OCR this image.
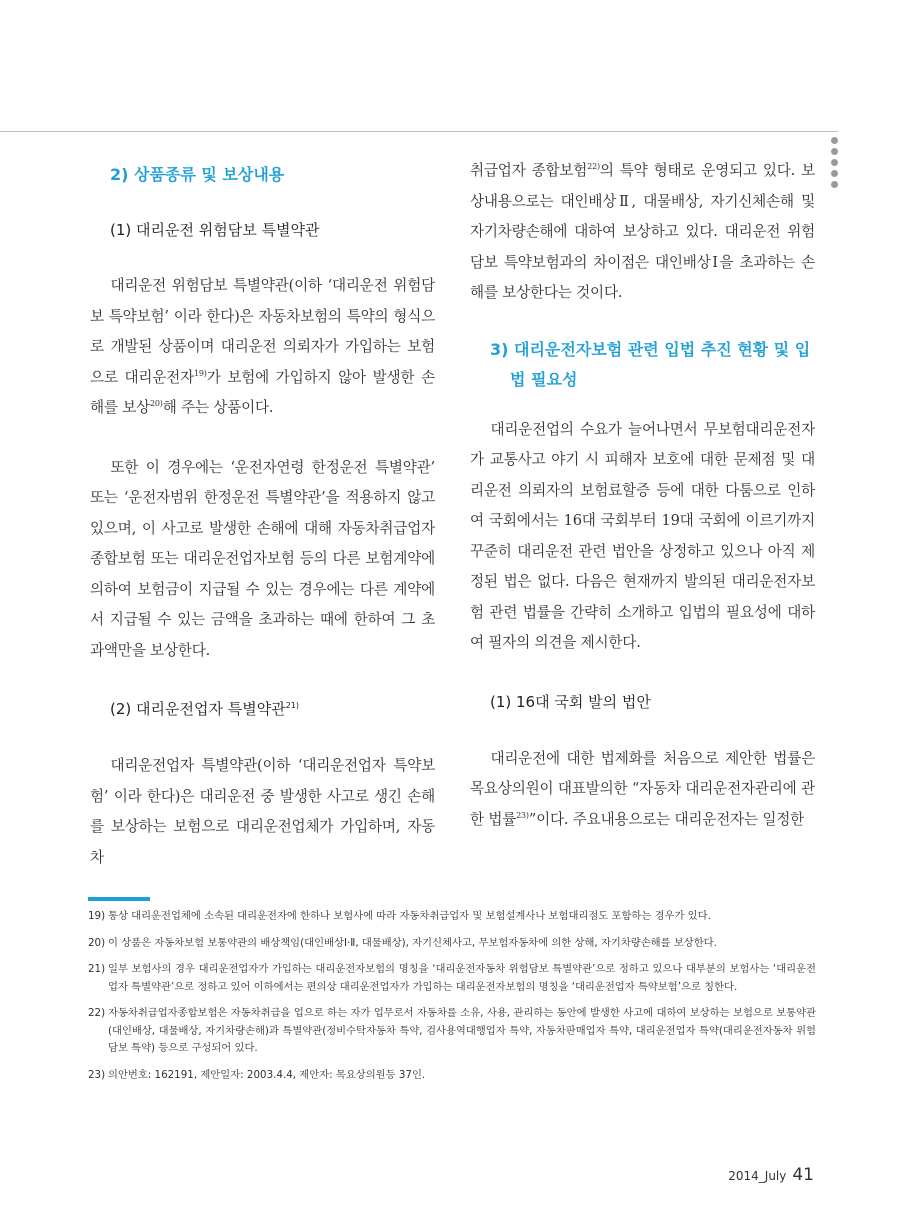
2) 상품종류 및 보상내용

(1) 대리운전 위험담보 특별약관

대리운전 위험담보 특별약관(이하 ‘대리운전 위험담보 특약보험’ 이라 한다)은 자동차보험의 특약의 형식으로 개발된 상품이며 대리운전 의뢰자가 가입하는 보험으로 대리운전자$^{19)}$가 보험에 가입하지 않아 발생한 손해를 보상$^{20)}$해 주는 상품이다.

또한 이 경우에는 ‘운전자연령 한정운전 특별약관’ 또는 ‘운전자범위 한정운전 특별약관’을 적용하지 않고 있으며, 이 사고로 발생한 손해에 대해 자동차취급업자 종합보험 또는 대리운전업자보험 등의 다른 보험계약에 의하여 보험금이 지급될 수 있는 경우에는 다른 계약에서 지급될 수 있는 금액을 초과하는 때에 한하여 그 초과액만을 보상한다.

(2) 대리운전업자 특별약관$^{21)}$

대리운전업자 특별약관(이하 ‘대리운전업자 특약보험’ 이라 한다)은 대리운전 중 발생한 사고로 생긴 손해를 보상하는 보험으로 대리운전업체가 가입하며, 자동차

취급업자 종합보험$^{22)}$의 특약 형태로 운영되고 있다. 보상내용으로는 대인배상Ⅱ, 대물배상, 자기신체손해 및 자기차량손해에 대하여 보상하고 있다. 대리운전 위험담보 특약보험과의 차이점은 대인배상Ⅰ을 초과하는 손해를 보상한다는 것이다.

3) 대리운전자보험 관련 입법 추진 현황 및 입법 필요성

대리운전업의 수요가 늘어나면서 무보험대리운전자가 교통사고 야기 시 피해자 보호에 대한 문제점 및 대리운전 의뢰자의 보험료할증 등에 대한 다툼으로 인하여 국회에서는 16대 국회부터 19대 국회에 이르기까지 꾸준히 대리운전 관련 법안을 상정하고 있으나 아직 제정된 법은 없다. 다음은 현재까지 발의된 대리운전자보험 관련 법률을 간략히 소개하고 입법의 필요성에 대하여 필자의 의견을 제시한다.

(1) 16대 국회 발의 법안

대리운전에 대한 법제화를 처음으로 제안한 법률은 목요상의원이 대표발의한 “자동차 대리운전자관리에 관한 법률$^{23)}$”이다. 주요내용으로는 대리운전자는 일정한

19) 통상 대리운전업체에 소속된 대리운전자에 한하나 보험사에 따라 자동차취급업자 및 보험설계사나 보험대리점도 포함하는 경우가 있다.
20) 이 상품은 자동차보험 보통약관의 배상책임(대인배상Ⅰ·Ⅱ, 대물배상), 자기신체사고, 무보험자동차에 의한 상해, 자기차량손해를 보상한다.
21) 일부 보험사의 경우 대리운전업자가 가입하는 대리운전자보험의 명칭을 ‘대리운전자동차 위험담보 특별약관’으로 정하고 있으나 대부분의 보험사는 ‘대리운전업자 특별약관’으로 정하고 있어 이하에서는 편의상 대리운전업자가 가입하는 대리운전자보험의 명칭을 ‘대리운전업자 특약보험’으로 칭한다.
22) 자동차취급업자종합보험은 자동차취급을 업으로 하는 자가 업무로서 자동차를 소유, 사용, 관리하는 동안에 발생한 사고에 대하여 보상하는 보험으로 보통약관(대인배상, 대물배상, 자기차량손해)과 특별약관(정비수탁자동차 특약, 검사용역대행업자 특약, 자동차판매업자 특약, 대리운전업자 특약(대리운전자동차 위험담보 특약) 등으로 구성되어 있다.
23) 의안번호: 162191, 제안일자: 2003.4.4, 제안자: 목요상의원등 37인.
2014_July 41
